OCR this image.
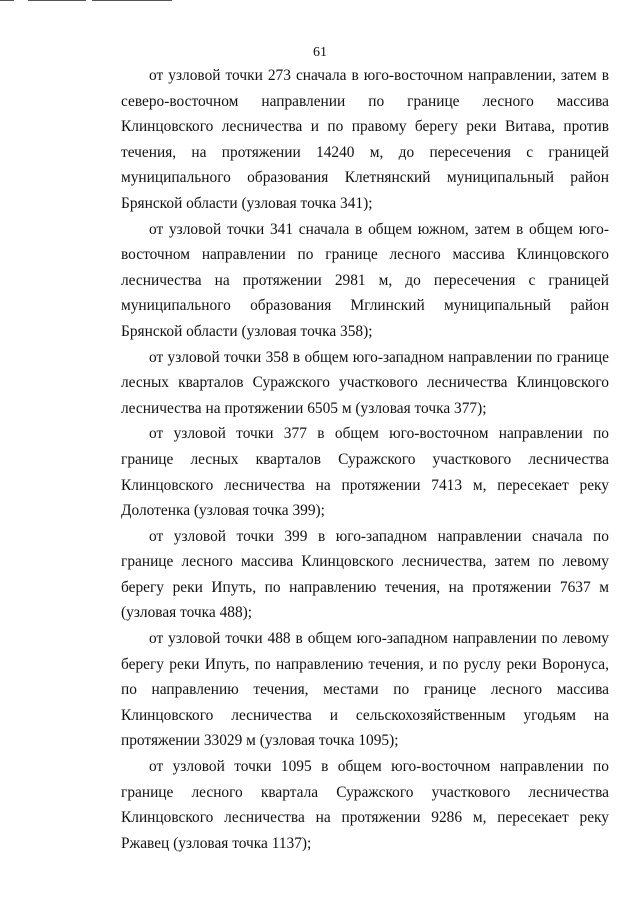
61

от узловой точки 273 сначала в юго-восточном направлении, затем в северо-восточном направлении по границе лесного массива Клинцовского лесничества и по правому берегу реки Витава, против течения, на протяжении 14240 м, до пересечения с границей муниципального образования Клетнянский муниципальный район Брянской области (узловая точка 341);

от узловой точки 341 сначала в общем южном, затем в общем юго-восточном направлении по границе лесного массива Клинцовского лесничества на протяжении 2981 м, до пересечения с границей муниципального образования Мглинский муниципальный район Брянской области (узловая точка 358);

от узловой точки 358 в общем юго-западном направлении по границе лесных кварталов Суражского участкового лесничества Клинцовского лесничества на протяжении 6505 м (узловая точка 377);

от узловой точки 377 в общем юго-восточном направлении по границе лесных кварталов Суражского участкового лесничества Клинцовского лесничества на протяжении 7413 м, пересекает реку Долотенка (узловая точка 399);

от узловой точки 399 в юго-западном направлении сначала по границе лесного массива Клинцовского лесничества, затем по левому берегу реки Ипуть, по направлению течения, на протяжении 7637 м (узловая точка 488);

от узловой точки 488 в общем юго-западном направлении по левому берегу реки Ипуть, по направлению течения, и по руслу реки Воронуса, по направлению течения, местами по границе лесного массива Клинцовского лесничества и сельскохозяйственным угодьям на протяжении 33029 м (узловая точка 1095);

от узловой точки 1095 в общем юго-восточном направлении по границе лесного квартала Суражского участкового лесничества Клинцовского лесничества на протяжении 9286 м, пересекает реку Ржавец (узловая точка 1137);
